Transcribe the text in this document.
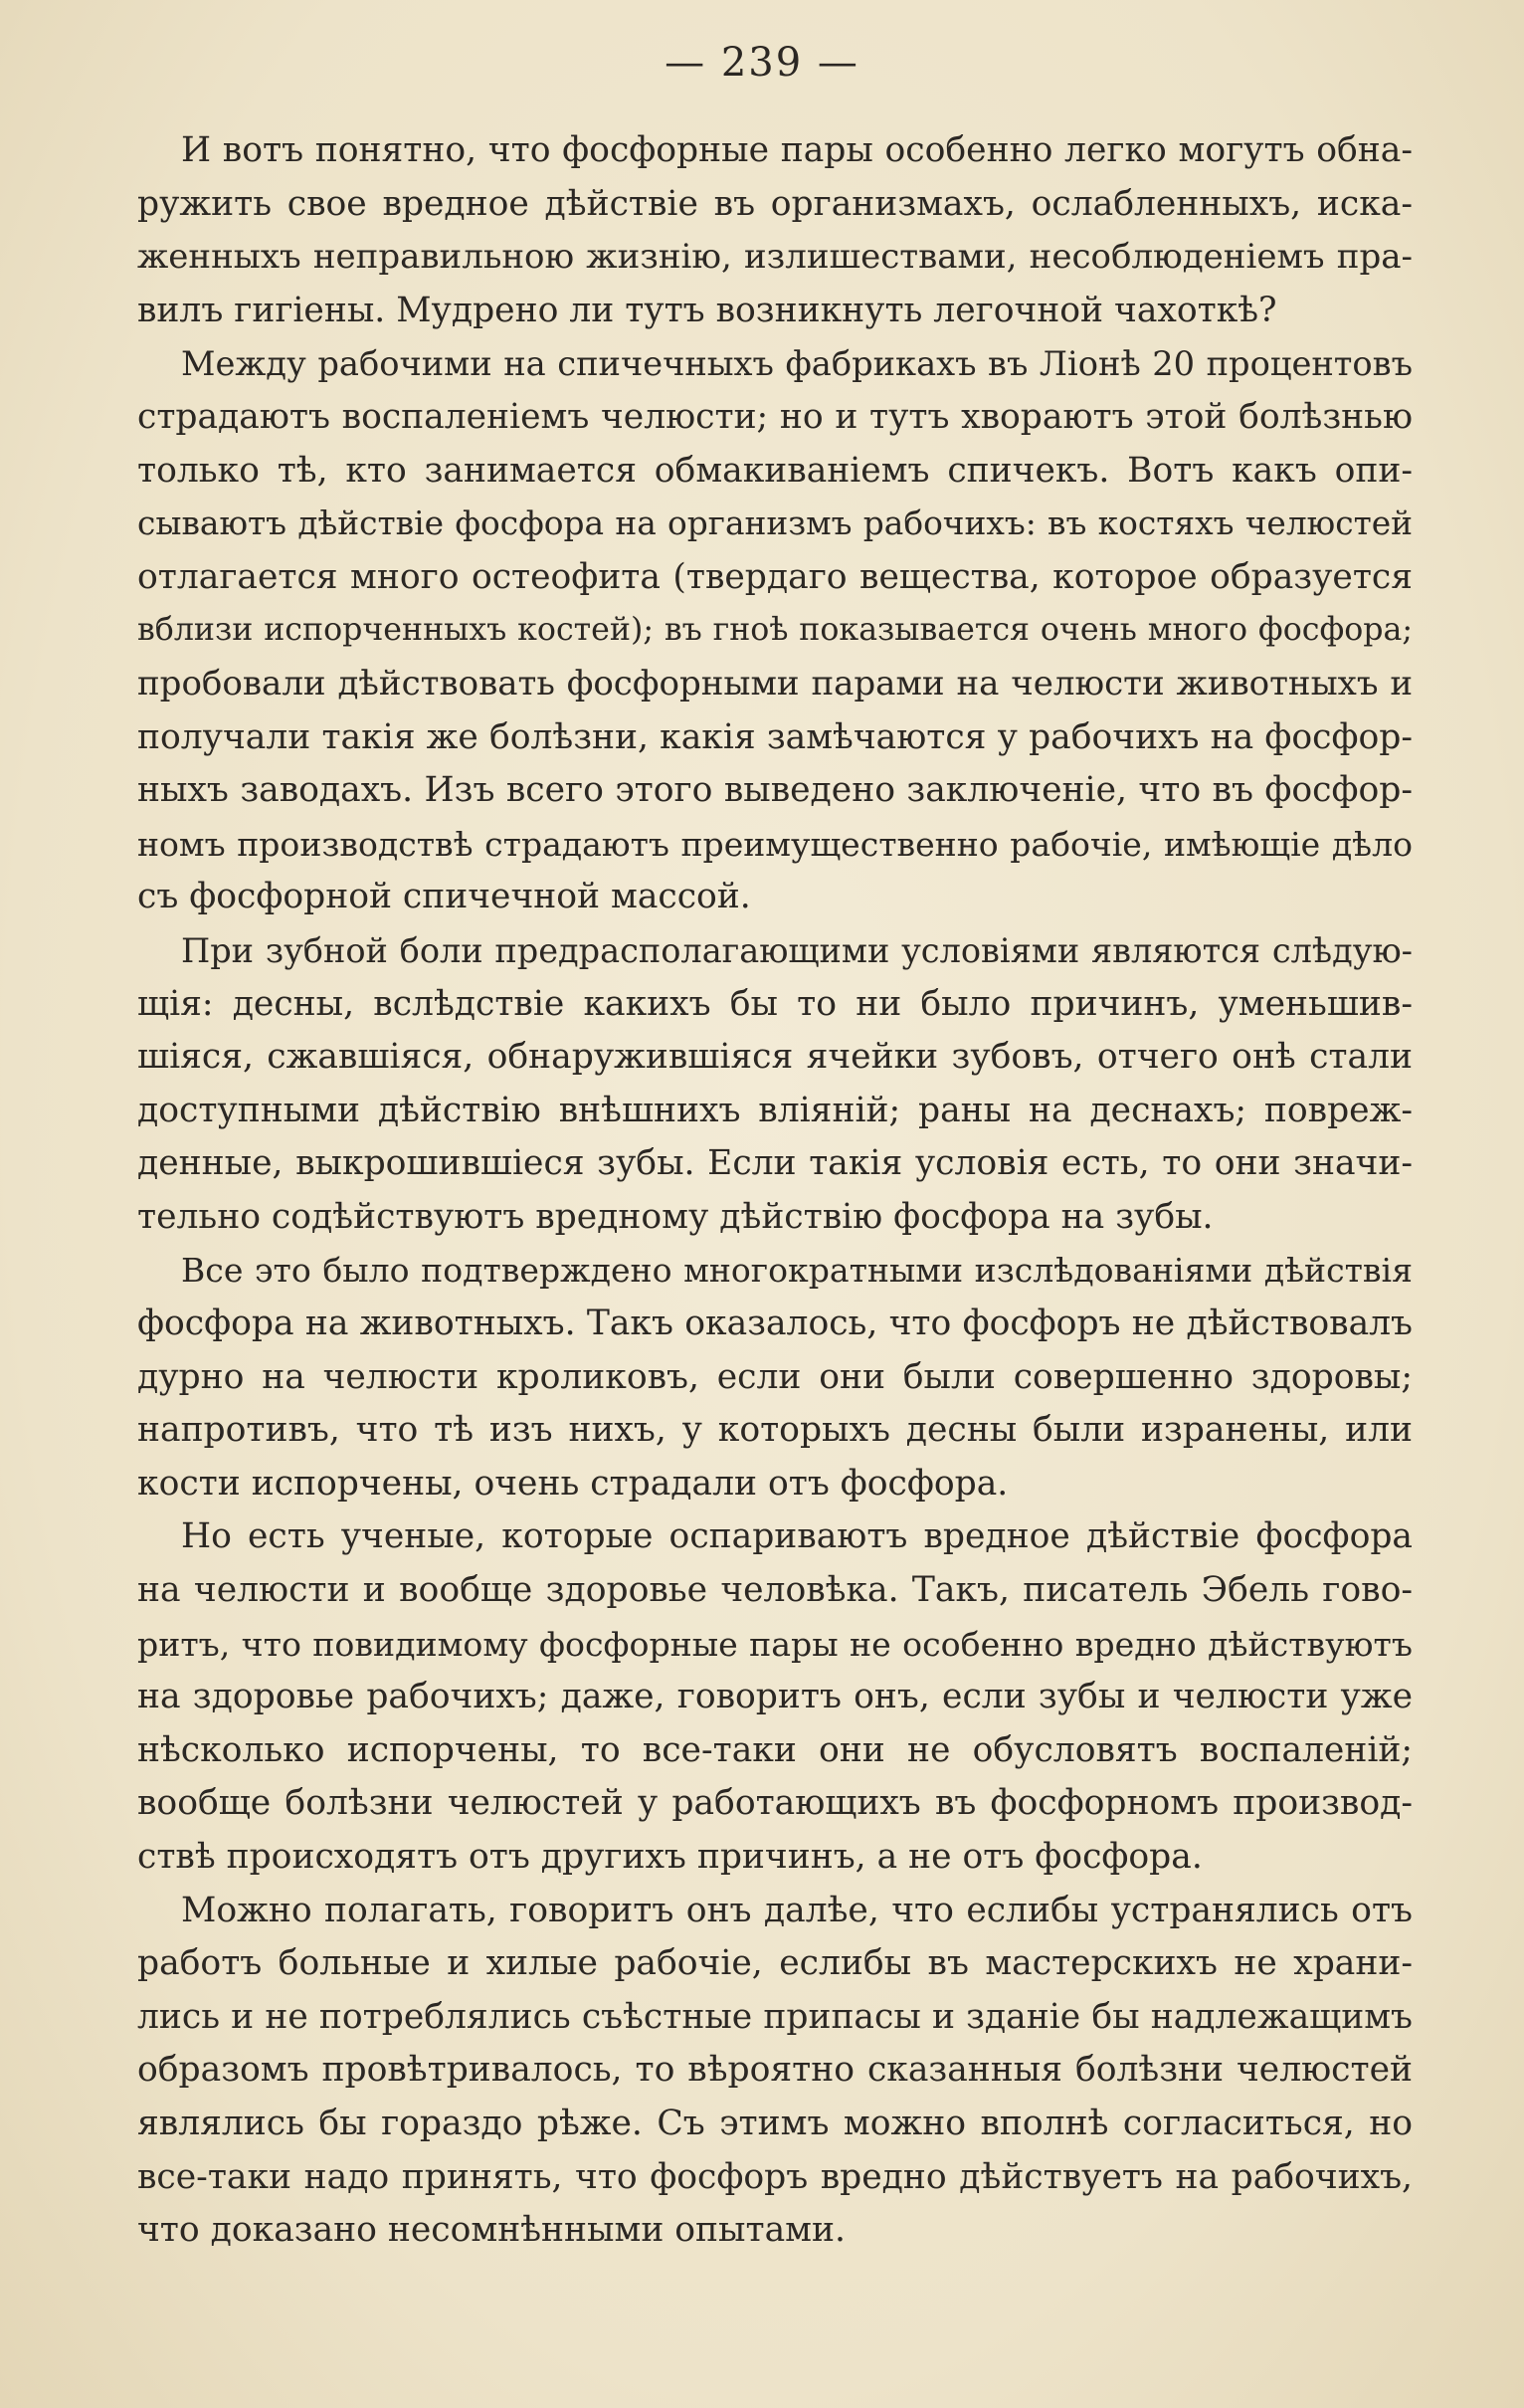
— 239 —
И вотъ понятно, что фосфорные пары особенно легко могутъ обна-
ружить свое вредное дѣйствiе въ организмахъ, ослабленныхъ, иска-
женныхъ неправильною жизнiю, излишествами, несоблюденiемъ пра-
вилъ гигiены. Мудрено ли тутъ возникнуть легочной чахоткѣ?
Между рабочими на спичечныхъ фабрикахъ въ Лiонѣ 20 процентовъ
страдаютъ воспаленiемъ челюсти; но и тутъ хвораютъ этой болѣзнью
только тѣ, кто занимается обмакиванiемъ спичекъ. Вотъ какъ опи-
сываютъ дѣйствiе фосфора на организмъ рабочихъ: въ костяхъ челюстей
отлагается много остеофита (твердаго вещества, которое образуется
вблизи испорченныхъ костей); въ гноѣ показывается очень много фосфора;
пробовали дѣйствовать фосфорными парами на челюсти животныхъ и
получали такiя же болѣзни, какiя замѣчаются у рабочихъ на фосфор-
ныхъ заводахъ. Изъ всего этого выведено заключенiе, что въ фосфор-
номъ производствѣ страдаютъ преимущественно рабочiе, имѣющiе дѣло
съ фосфорной спичечной массой.
При зубной боли предрасполагающими условiями являются слѣдую-
щiя: десны, вслѣдствiе какихъ бы то ни было причинъ, уменьшив-
шiяся, сжавшiяся, обнаружившiяся ячейки зубовъ, отчего онѣ стали
доступными дѣйствiю внѣшнихъ влiянiй; раны на деснахъ; повреж-
денные, выкрошившiеся зубы. Если такiя условiя есть, то они значи-
тельно содѣйствуютъ вредному дѣйствiю фосфора на зубы.
Все это было подтверждено многократными изслѣдованiями дѣйствiя
фосфора на животныхъ. Такъ оказалось, что фосфоръ не дѣйствовалъ
дурно на челюсти кроликовъ, если они были совершенно здоровы;
напротивъ, что тѣ изъ нихъ, у которыхъ десны были изранены, или
кости испорчены, очень страдали отъ фосфора.
Но есть ученые, которые оспариваютъ вредное дѣйствiе фосфора
на челюсти и вообще здоровье человѣка. Такъ, писатель Эбель гово-
ритъ, что повидимому фосфорные пары не особенно вредно дѣйствуютъ
на здоровье рабочихъ; даже, говоритъ онъ, если зубы и челюсти уже
нѣсколько испорчены, то все-таки они не обусловятъ воспаленiй;
вообще болѣзни челюстей у работающихъ въ фосфорномъ производ-
ствѣ происходятъ отъ другихъ причинъ, а не отъ фосфора.
Можно полагать, говоритъ онъ далѣе, что еслибы устранялись отъ
работъ больные и хилые рабочiе, еслибы въ мастерскихъ не храни-
лись и не потреблялись съѣстные припасы и зданiе бы надлежащимъ
образомъ провѣтривалось, то вѣроятно сказанныя болѣзни челюстей
являлись бы гораздо рѣже. Съ этимъ можно вполнѣ согласиться, но
все-таки надо принять, что фосфоръ вредно дѣйствуетъ на рабочихъ,
что доказано несомнѣнными опытами.
